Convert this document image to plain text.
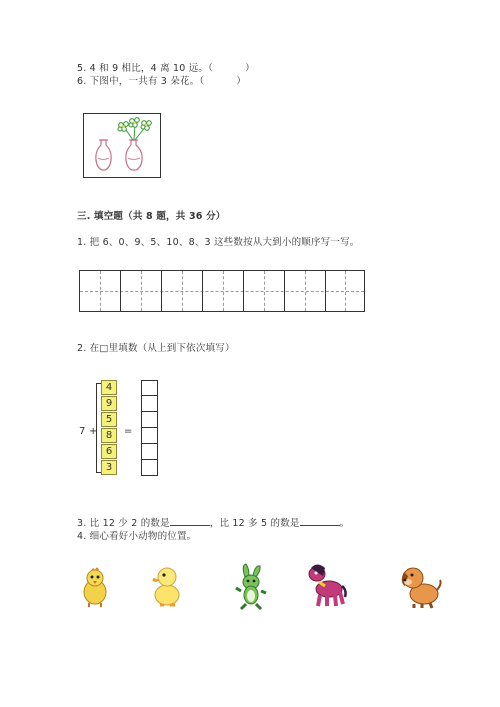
5. 4 和 9 相比，4 离 10 远。（	）
6. 下图中，一共有 3 朵花。（	）
三. 填空题（共 8 题，共 36 分）
1. 把 6、0、9、5、10、8、3 这些数按从大到小的顺序写一写。
2. 在□里填数（从上到下依次填写）
7 +
4
9
5
8
6
3
=
3. 比 12 少 2 的数是	，比 12 多 5 的数是	。
4. 细心看好小动物的位置。
